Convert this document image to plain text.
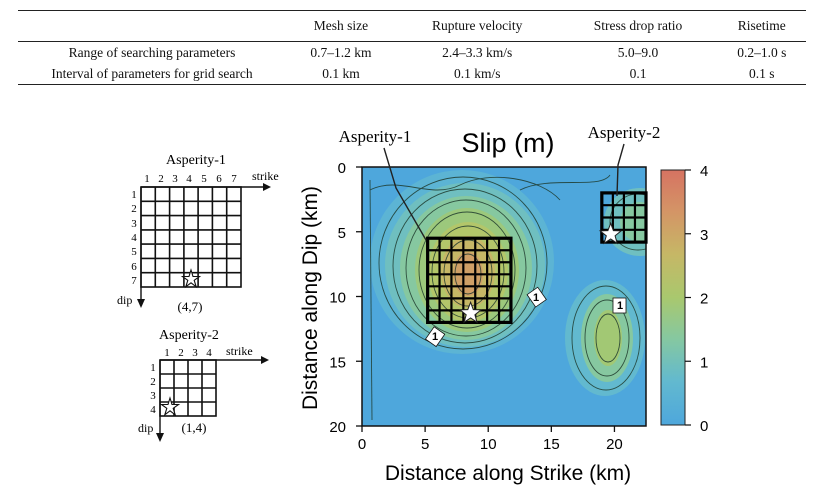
	Mesh size	Rupture velocity	Stress drop ratio	Risetime
Range of searching parameters	0.7–1.2 km	2.4–3.3 km/s	5.0–9.0	0.2–1.0 s
Interval of parameters for grid search	0.1 km	0.1 km/s	0.1	0.1 s
Asperity-1
1 2 3 4 5 6 7 strike
1
2
3
4
5
6
7
dip	(4,7)
Asperity-2
1 2 3 4 strike
1
2
3
4
dip (1,4)
1
1
1
0	5	10	15	20
0
5
10
15
20
Slip (m)
Distance along Strike (km)
Distance along Dip (km)
Asperity-1	Asperity-2
0
1
2
3
4
